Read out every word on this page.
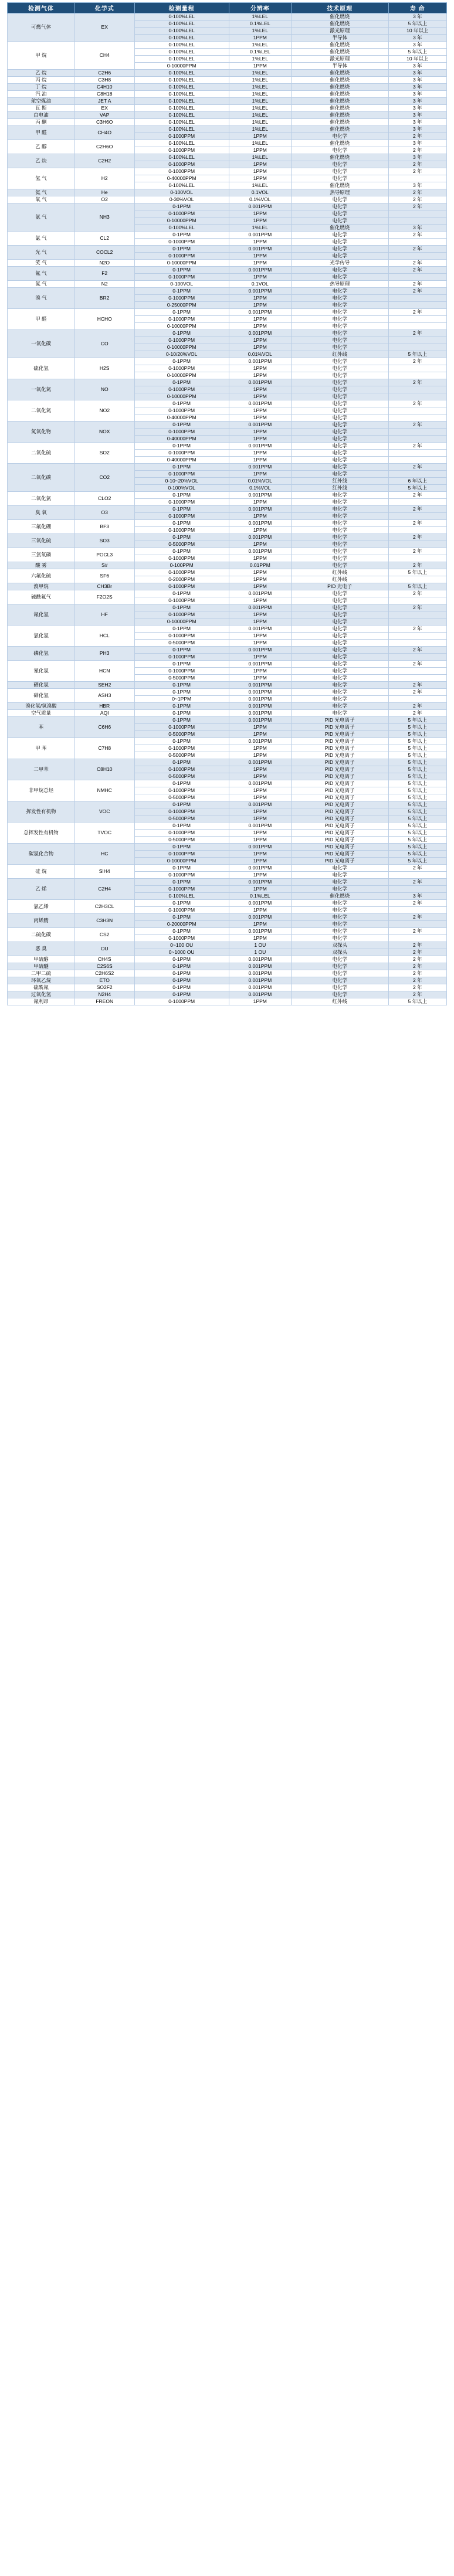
检测气体	化学式	检测量程	分辨率	技术原理	寿 命
可燃气体	EX	0-100%LEL	1%LEL	催化燃烧	3 年
		0-100%LEL	0.1%LEL	催化燃烧	5 年以上
		0-100%LEL	1%LEL	激光原理	10 年以上
		0-100%LEL	1PPM	半导体	3 年
甲 烷	CH4	0-100%LEL	1%LEL	催化燃烧	3 年
		0-100%LEL	0.1%LEL	催化燃烧	5 年以上
		0-100%LEL	1%LEL	激光原理	10 年以上
		0-10000PPM	1PPM	半导体	3 年
乙 烷	C2H6	0-100%LEL	1%LEL	催化燃烧	3 年
丙 烷	C3H8	0-100%LEL	1%LEL	催化燃烧	3 年
丁 烷	C4H10	0-100%LEL	1%LEL	催化燃烧	3 年
汽 油	C8H18	0-100%LEL	1%LEL	催化燃烧	3 年
航空煤油	JET A	0-100%LEL	1%LEL	催化燃烧	3 年
瓦 斯	EX	0-100%LEL	1%LEL	催化燃烧	3 年
白电油	VAP	0-100%LEL	1%LEL	催化燃烧	3 年
丙 酮	C3H6O	0-100%LEL	1%LEL	催化燃烧	3 年
甲 醛	CH4O	0-100%LEL	1%LEL	催化燃烧	3 年
		0-1000PPM	1PPM	电化学	2 年
乙 醇	C2H6O	0-100%LEL	1%LEL	催化燃烧	3 年
		0-1000PPM	1PPM	电化学	2 年
乙 炔	C2H2	0-100%LEL	1%LEL	催化燃烧	3 年
		0-1000PPM	1PPM	电化学	2 年
氢 气	H2	0-1000PPM	1PPM	电化学	2 年
		0-40000PPM	1PPM	电化学	
		0-100%LEL	1%LEL	催化燃烧	3 年
氦 气	He	0-100VOL	0.1VOL	热导原理	2 年
氧 气	O2	0-30%VOL	0.1%VOL	电化学	2 年
氨 气	NH3	0-1PPM	0.001PPM	电化学	2 年
		0-1000PPM	1PPM	电化学	
		0-10000PPM	1PPM	电化学	
		0-100%LEL	1%LEL	催化燃烧	3 年
氯 气	CL2	0-1PPM	0.001PPM	电化学	2 年
		0-1000PPM	1PPM	电化学	
光 气	COCL2	0-1PPM	0.001PPM	电化学	2 年
		0-1000PPM	1PPM	电化学	
笑 气	N2O	0-10000PPM	1PPM	光学传导	2 年
氟 气	F2	0-1PPM	0.001PPM	电化学	2 年
		0-1000PPM	1PPM	电化学	
氮 气	N2	0-100VOL	0.1VOL	热导原理	2 年
溴 气	BR2	0-1PPM	0.001PPM	电化学	2 年
		0-1000PPM	1PPM	电化学	
		0-25000PPM	1PPM	电化学	
甲 醛	HCHO	0-1PPM	0.001PPM	电化学	2 年
		0-1000PPM	1PPM	电化学	
		0-10000PPM	1PPM	电化学	
一氧化碳	CO	0-1PPM	0.001PPM	电化学	2 年
		0-1000PPM	1PPM	电化学	
		0-10000PPM	1PPM	电化学	
		0-10/20%VOL	0.01%VOL	红外线	5 年以上
硫化氢	H2S	0-1PPM	0.001PPM	电化学	2 年
		0-1000PPM	1PPM	电化学	
		0-10000PPM	1PPM	电化学	
一氧化氮	NO	0-1PPM	0.001PPM	电化学	2 年
		0-1000PPM	1PPM	电化学	
		0-10000PPM	1PPM	电化学	
二氧化氮	NO2	0-1PPM	0.001PPM	电化学	2 年
		0-1000PPM	1PPM	电化学	
		0-40000PPM	1PPM	电化学	
氮氧化物	NOX	0-1PPM	0.001PPM	电化学	2 年
		0-1000PPM	1PPM	电化学	
		0-40000PPM	1PPM	电化学	
二氧化硫	SO2	0-1PPM	0.001PPM	电化学	2 年
		0-1000PPM	1PPM	电化学	
		0-40000PPM	1PPM	电化学	
二氧化碳	CO2	0-1PPM	0.001PPM	电化学	2 年
		0-1000PPM	1PPM	电化学	
		0-10~20%VOL	0.01%VOL	红外线	6 年以上
		0-100%VOL	0.1%VOL	红外线	5 年以上
二氧化氯	CLO2	0-1PPM	0.001PPM	电化学	2 年
		0-1000PPM	1PPM	电化学	
臭 氧	O3	0-1PPM	0.001PPM	电化学	2 年
		0-1000PPM	1PPM	电化学	
三氟化硼	BF3	0-1PPM	0.001PPM	电化学	2 年
		0-1000PPM	1PPM	电化学	
三氧化硫	SO3	0-1PPM	0.001PPM	电化学	2 年
		0-5000PPM	1PPM	电化学	
三氯氧磷	POCL3	0-1PPM	0.001PPM	电化学	2 年
		0-1000PPM	1PPM	电化学	
酸 雾	S#	0-100PPM	0.01PPM	电化学	2 年
六氟化硫	SF6	0-1000PPM	1PPM	红外线	5 年以上
		0-2000PPM	1PPM	红外线	
溴甲烷	CH3Br	0-1000PPM	1PPM	PID 光电子	5 年以上
硫酰氟气	F2O2S	0-1PPM	0.001PPM	电化学	2 年
		0-1000PPM	1PPM	电化学	
氟化氢	HF	0-1PPM	0.001PPM	电化学	2 年
		0-1000PPM	1PPM	电化学	
		0-10000PPM	1PPM	电化学	
氯化氢	HCL	0-1PPM	0.001PPM	电化学	2 年
		0-1000PPM	1PPM	电化学	
		0-5000PPM	1PPM	电化学	
磷化氢	PH3	0-1PPM	0.001PPM	电化学	2 年
		0-1000PPM	1PPM	电化学	
氰化氢	HCN	0-1PPM	0.001PPM	电化学	2 年
		0-1000PPM	1PPM	电化学	
		0-5000PPM	1PPM	电化学	
硒化氢	SEH2	0-1PPM	0.001PPM	电化学	2 年
砷化氢	ASH3	0-1PPM	0.001PPM	电化学	2 年
		0~1PPM	0.001PPM	电化学	
溴化氢/氢溴酸	HBR	0-1PPM	0.001PPM	电化学	2 年
空气质量	AQI	0-1PPM	0.001PPM	电化学	2 年
苯	C6H6	0-1PPM	0.001PPM	PID 光电离子	5 年以上
		0-1000PPM	1PPM	PID 光电离子	5 年以上
		0-5000PPM	1PPM	PID 光电离子	5 年以上
甲 苯	C7H8	0-1PPM	0.001PPM	PID 光电离子	5 年以上
		0-1000PPM	1PPM	PID 光电离子	5 年以上
		0-5000PPM	1PPM	PID 光电离子	5 年以上
二甲苯	C8H10	0-1PPM	0.001PPM	PID 光电离子	5 年以上
		0-1000PPM	1PPM	PID 光电离子	5 年以上
		0-5000PPM	1PPM	PID 光电离子	5 年以上
非甲烷总烃	NMHC	0-1PPM	0.001PPM	PID 光电离子	5 年以上
		0-1000PPM	1PPM	PID 光电离子	5 年以上
		0-5000PPM	1PPM	PID 光电离子	5 年以上
挥发性有机物	VOC	0-1PPM	0.001PPM	PID 光电离子	5 年以上
		0-1000PPM	1PPM	PID 光电离子	5 年以上
		0-5000PPM	1PPM	PID 光电离子	5 年以上
总挥发性有机物	TVOC	0-1PPM	0.001PPM	PID 光电离子	5 年以上
		0-1000PPM	1PPM	PID 光电离子	5 年以上
		0-5000PPM	1PPM	PID 光电离子	5 年以上
碳氢化合物	HC	0-1PPM	0.001PPM	PID 光电离子	5 年以上
		0-1000PPM	1PPM	PID 光电离子	5 年以上
		0-10000PPM	1PPM	PID 光电离子	5 年以上
硅 烷	SIH4	0-1PPM	0.001PPM	电化学	2 年
		0-1000PPM	1PPM	电化学	
乙 烯	C2H4	0-1PPM	0.001PPM	电化学	2 年
		0-1000PPM	1PPM	电化学	
		0-100%LEL	0.1%LEL	催化燃烧	3 年
氯乙烯	C2H3CL	0-1PPM	0.001PPM	电化学	2 年
		0-1000PPM	1PPM	电化学	
丙烯腈	C3H3N	0-1PPM	0.001PPM	电化学	2 年
		0-20000PPM	1PPM	电化学	
二硫化碳	CS2	0-1PPM	0.001PPM	电化学	2 年
		0-1000PPM	1PPM	电化学	
恶 臭	OU	0~100 OU	1 OU	双探头	2 年
		0~1000 OU	1 OU	双探头	2 年
甲硫醇	CH4S	0-1PPM	0.001PPM	电化学	2 年
甲硫醚	C2S6S	0-1PPM	0.001PPM	电化学	2 年
二甲二硫	C2H6S2	0-1PPM	0.001PPM	电化学	2 年
环氧乙烷	ETO	0-1PPM	0.001PPM	电化学	2 年
硫酰氟	SO2F2	0-1PPM	0.001PPM	电化学	2 年
过氧化氢	N2H4	0-1PPM	0.001PPM	电化学	2 年
氟利昂	FREON	0-1000PPM	1PPM	红外线	5 年以上
